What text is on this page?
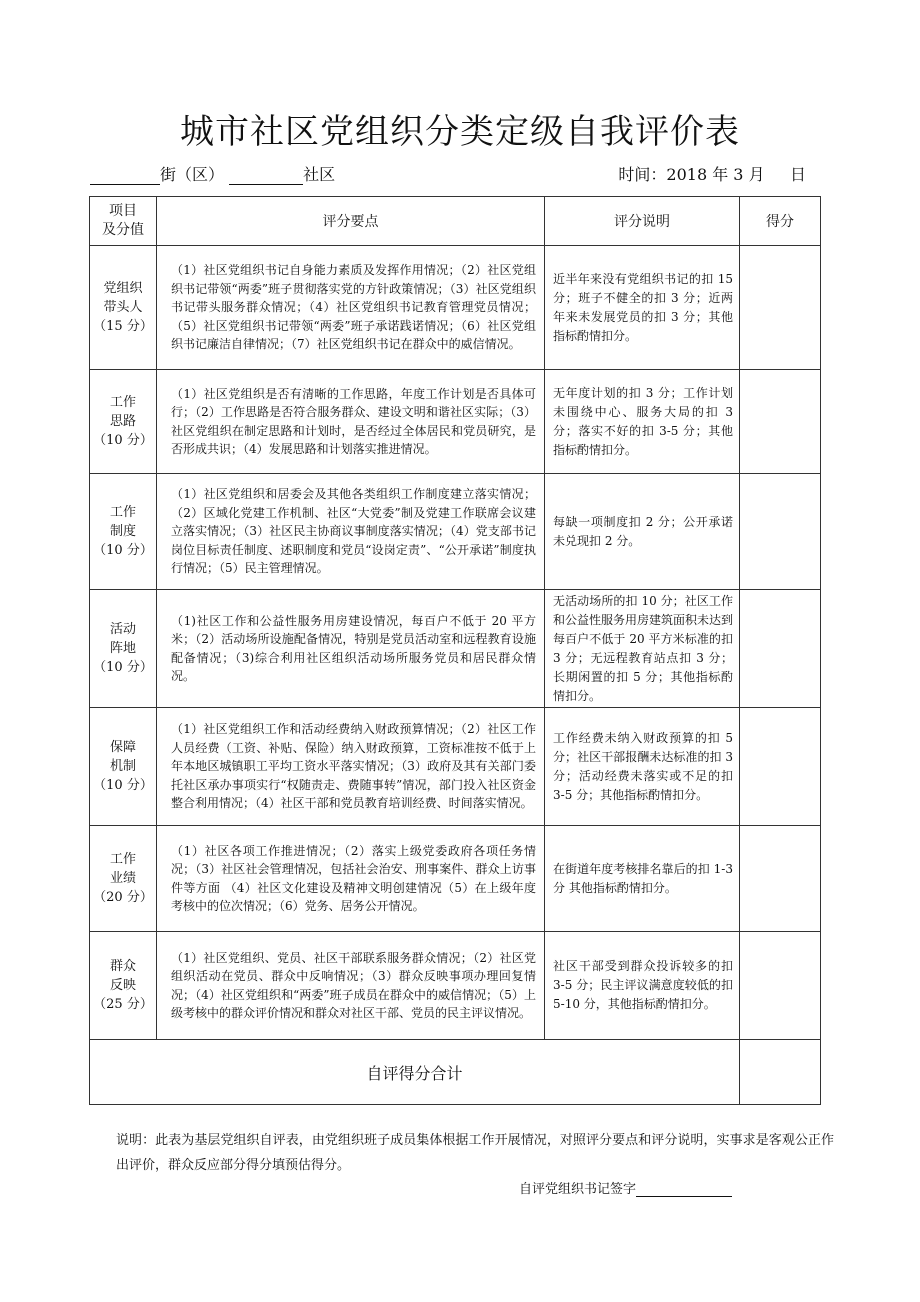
城市社区党组织分类定级自我评价表
街（区）	社区	时间：2018 年 3 月     日
项目
及分值	评分要点	评分说明	得分
党组织
带头人
（15 分）	（1）社区党组织书记自身能力素质及发挥作用情况；（2）社区党组织书记带领“两委”班子贯彻落实党的方针政策情况；（3）社区党组织书记带头服务群众情况；（4）社区党组织书记教育管理党员情况；（5）社区党组织书记带领“两委”班子承诺践诺情况；（6）社区党组织书记廉洁自律情况；（7）社区党组织书记在群众中的威信情况。	近半年来没有党组织书记的扣 15 分；班子不健全的扣 3 分；近两年来未发展党员的扣 3 分；其他指标酌情扣分。	
工作
思路
（10 分）	（1）社区党组织是否有清晰的工作思路，年度工作计划是否具体可行；（2）工作思路是否符合服务群众、建设文明和谐社区实际；（3）社区党组织在制定思路和计划时，是否经过全体居民和党员研究，是否形成共识；（4）发展思路和计划落实推进情况。	无年度计划的扣 3 分；工作计划未围绕中心、服务大局的扣 3 分；落实不好的扣 3-5 分；其他指标酌情扣分。	
工作
制度
（10 分）	（1）社区党组织和居委会及其他各类组织工作制度建立落实情况；（2）区域化党建工作机制、社区“大党委”制及党建工作联席会议建立落实情况；（3）社区民主协商议事制度落实情况；（4）党支部书记岗位目标责任制度、述职制度和党员“设岗定责”、“公开承诺”制度执行情况；（5）民主管理情况。	每缺一项制度扣 2 分；公开承诺未兑现扣 2 分。	
活动
阵地
（10 分）	（1)社区工作和公益性服务用房建设情况，每百户不低于 20 平方米；（2）活动场所设施配备情况，特别是党员活动室和远程教育设施配备情况；（3)综合利用社区组织活动场所服务党员和居民群众情况。	无活动场所的扣 10 分；社区工作和公益性服务用房建筑面积未达到每百户不低于 20 平方米标准的扣 3 分；无远程教育站点扣 3 分；长期闲置的扣 5 分；其他指标酌情扣分。	
保障
机制
（10 分）	（1）社区党组织工作和活动经费纳入财政预算情况；（2）社区工作人员经费（工资、补贴、保险）纳入财政预算，工资标准按不低于上年本地区城镇职工平均工资水平落实情况；（3）政府及其有关部门委托社区承办事项实行“权随责走、费随事转”情况，部门投入社区资金整合利用情况；（4）社区干部和党员教育培训经费、时间落实情况。	工作经费未纳入财政预算的扣 5 分；社区干部报酬未达标准的扣 3 分；活动经费未落实或不足的扣 3-5 分；其他指标酌情扣分。	
工作
业绩
（20 分）	（1）社区各项工作推进情况；（2）落实上级党委政府各项任务情况；（3）社区社会管理情况，包括社会治安、刑事案件、群众上访事件等方面 （4）社区文化建设及精神文明创建情况（5）在上级年度考核中的位次情况；（6）党务、居务公开情况。	在街道年度考核排名靠后的扣 1-3 分 其他指标酌情扣分。	
群众
反映
（25 分）	（1）社区党组织、党员、社区干部联系服务群众情况；（2）社区党组织活动在党员、群众中反响情况；（3）群众反映事项办理回复情况；（4）社区党组织和“两委”班子成员在群众中的威信情况；（5）上级考核中的群众评价情况和群众对社区干部、党员的民主评议情况。	社区干部受到群众投诉较多的扣 3-5 分；民主评议满意度较低的扣 5-10 分，其他指标酌情扣分。	
自评得分合计			
说明：此表为基层党组织自评表，由党组织班子成员集体根据工作开展情况，对照评分要点和评分说明，实事求是客观公正作出评价，群众反应部分得分填预估得分。
自评党组织书记签字
